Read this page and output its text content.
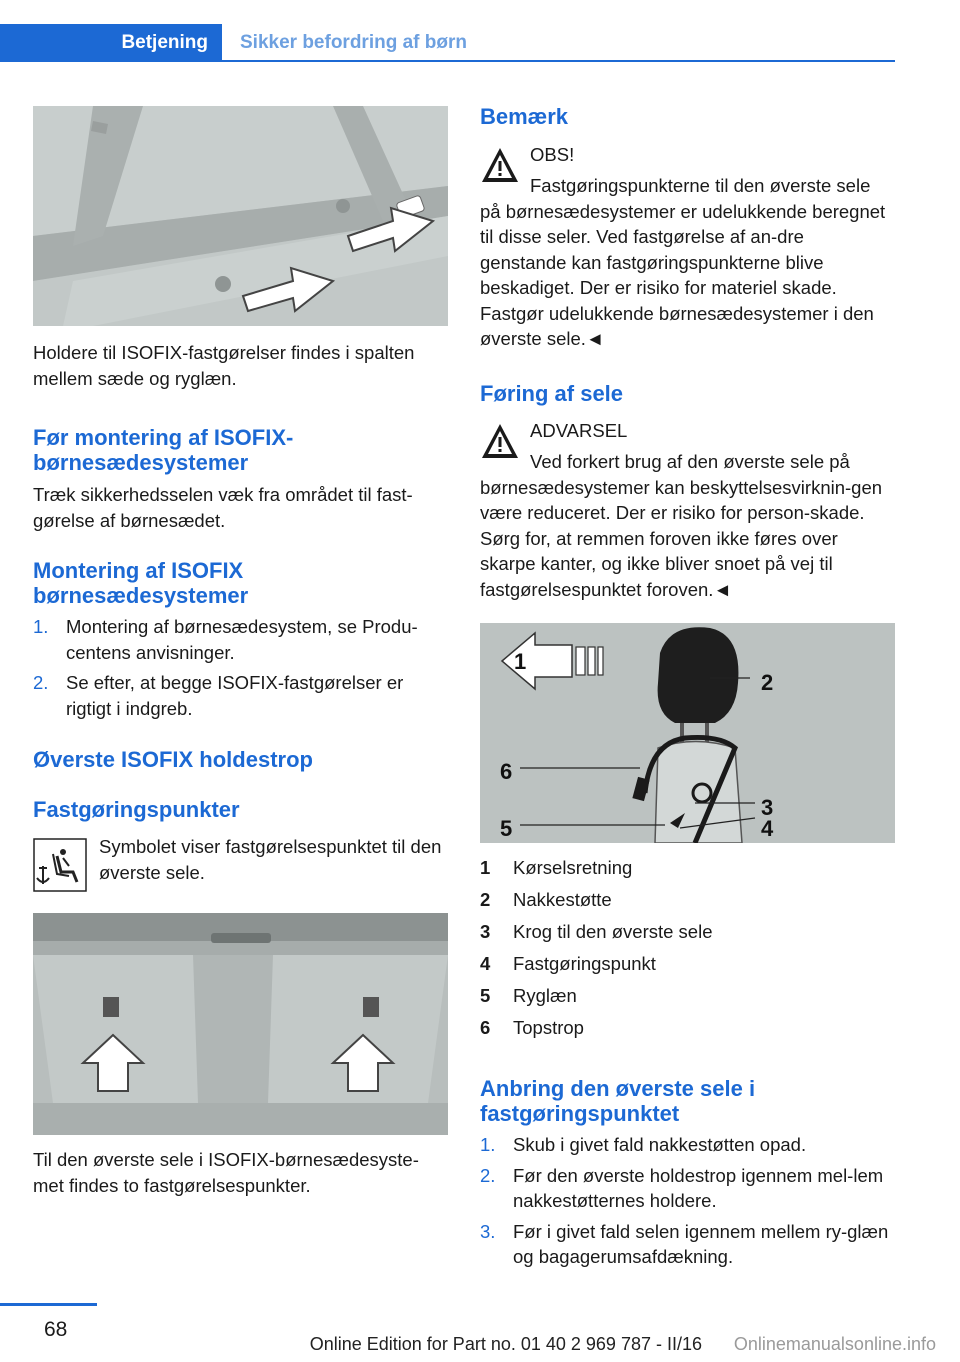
Betjening	Sikker befordring af børn

Holdere til ISOFIX-fastgørelser findes i spalten mellem sæde og ryglæn.

Før montering af ISOFIX-børnesædesystemer

Træk sikkerhedsselen væk fra området til fast-gørelse af børnesædet.

Montering af ISOFIX børnesædesystemer
1. Montering af børnesædesystem, se Produ-centens anvisninger.
2. Se efter, at begge ISOFIX-fastgørelser er rigtigt i indgreb.
Øverste ISOFIX holdestrop
Fastgøringspunkter

Symbolet viser fastgørelsespunktet til den øverste sele.

Til den øverste sele i ISOFIX-børnesædesyste-met findes to fastgørelsespunkter.

Bemærk
OBS!
Fastgøringspunkterne til den øverste sele på børnesædesystemer er udelukkende beregnet til disse seler. Ved fastgørelse af an-dre genstande kan fastgøringspunkterne blive beskadiget. Der er risiko for materiel skade. Fastgør udelukkende børnesædesystemer i den øverste sele.◄
Føring af sele
ADVARSEL
Ved forkert brug af den øverste sele på børnesædesystemer kan beskyttelsesvirknin-gen være reduceret. Der er risiko for person-skade. Sørg for, at remmen foroven ikke føres over skarpe kanter, og ikke bliver snoet på vej til fastgørelsespunktet foroven.◄
1
2
3
4
5
6
1	Kørselsretning
2	Nakkestøtte
3	Krog til den øverste sele
4	Fastgøringspunkt
5	Ryglæn
6	Topstrop
Anbring den øverste sele i fastgøringspunktet
1. Skub i givet fald nakkestøtten opad.
2. Før den øverste holdestrop igennem mel-lem nakkestøtternes holdere.
3. Før i givet fald selen igennem mellem ry-glæn og bagagerumsafdækning.
68
Online Edition for Part no. 01 40 2 969 787 - II/16 Onlinemanualsonline.info
